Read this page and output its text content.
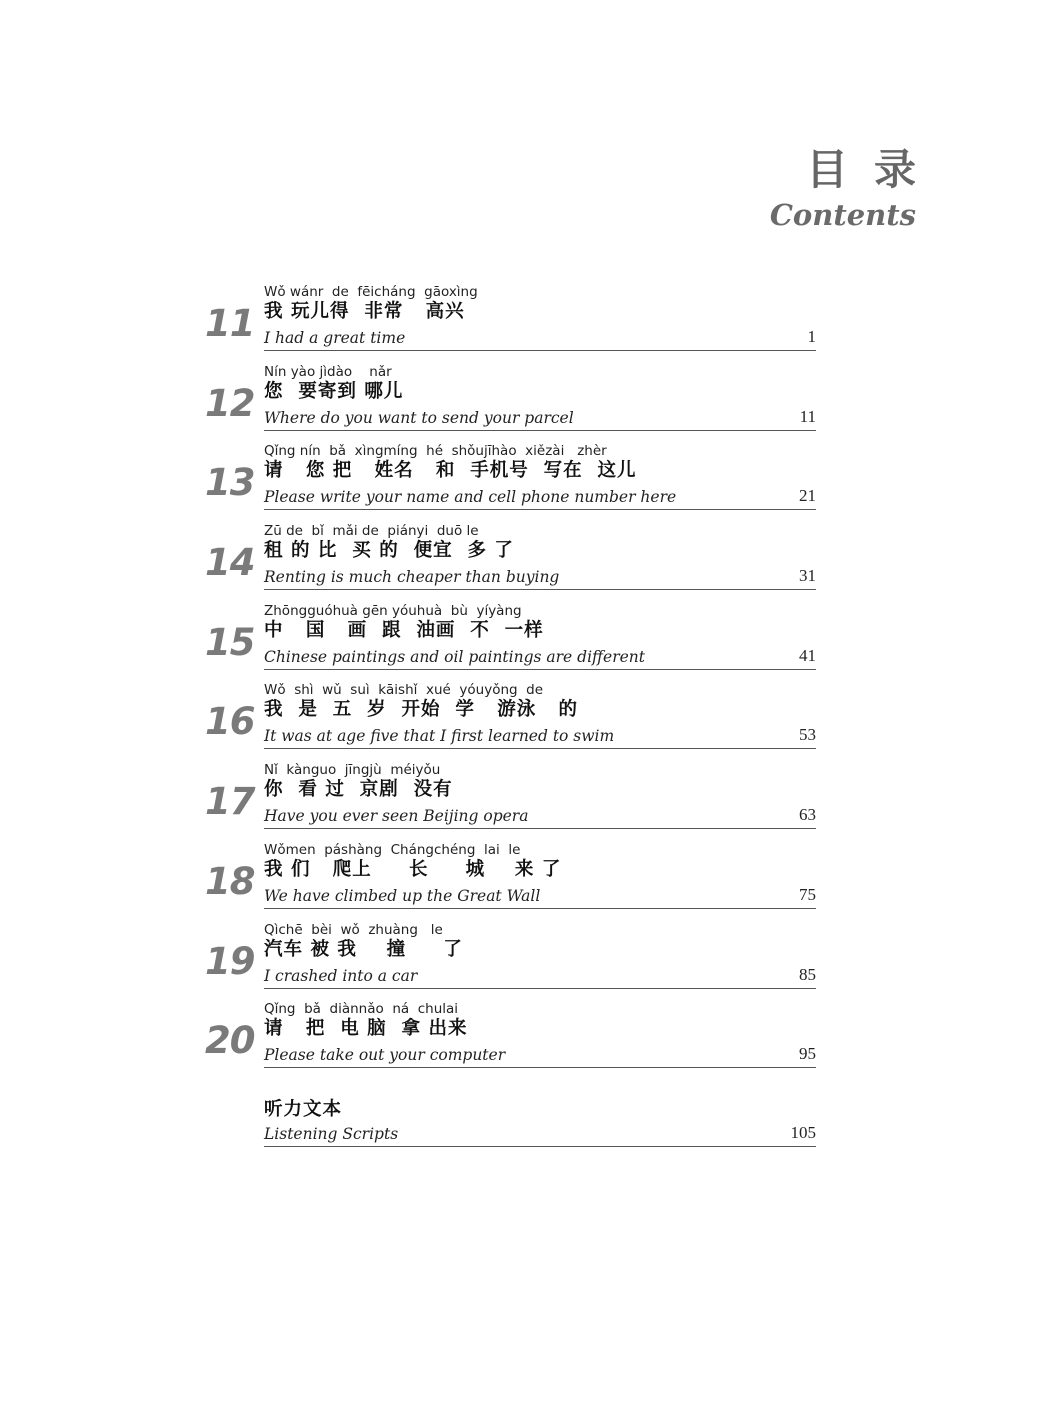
目录
Contents
11
Wǒ wánr  de  fēicháng  gāoxìng
我 玩儿得  非常   高兴
I had a great time	1
12
Nín yào jìdào    nǎr
您  要寄到 哪儿
Where do you want to send your parcel	11
13
Qǐng nín  bǎ  xìngmíng  hé  shǒujīhào  xiězài   zhèr
请   您 把   姓名   和  手机号  写在  这儿
Please write your name and cell phone number here	21
14
Zū de  bǐ  mǎi de  piányi  duō le
租 的 比  买 的  便宜  多 了
Renting is much cheaper than buying	31
15
Zhōngguóhuà gēn yóuhuà  bù  yíyàng
中   国   画  跟  油画  不  一样
Chinese paintings and oil paintings are different	41
16
Wǒ  shì  wǔ  suì  kāishǐ  xué  yóuyǒng  de
我  是  五  岁  开始  学   游泳   的
It was at age five that I first learned to swim	53
17
Nǐ  kànguo  jīngjù  méiyǒu
你  看 过  京剧  没有
Have you ever seen Beijing opera	63
18
Wǒmen  páshàng  Chángchéng  lai  le
我 们   爬上     长     城    来 了
We have climbed up the Great Wall	75
19
Qìchē  bèi  wǒ  zhuàng   le
汽车 被 我    撞     了
I crashed into a car	85
20
Qǐng  bǎ  diànnǎo  ná  chulai
请   把  电 脑  拿 出来
Please take out your computer	95
听力文本
Listening Scripts	105
